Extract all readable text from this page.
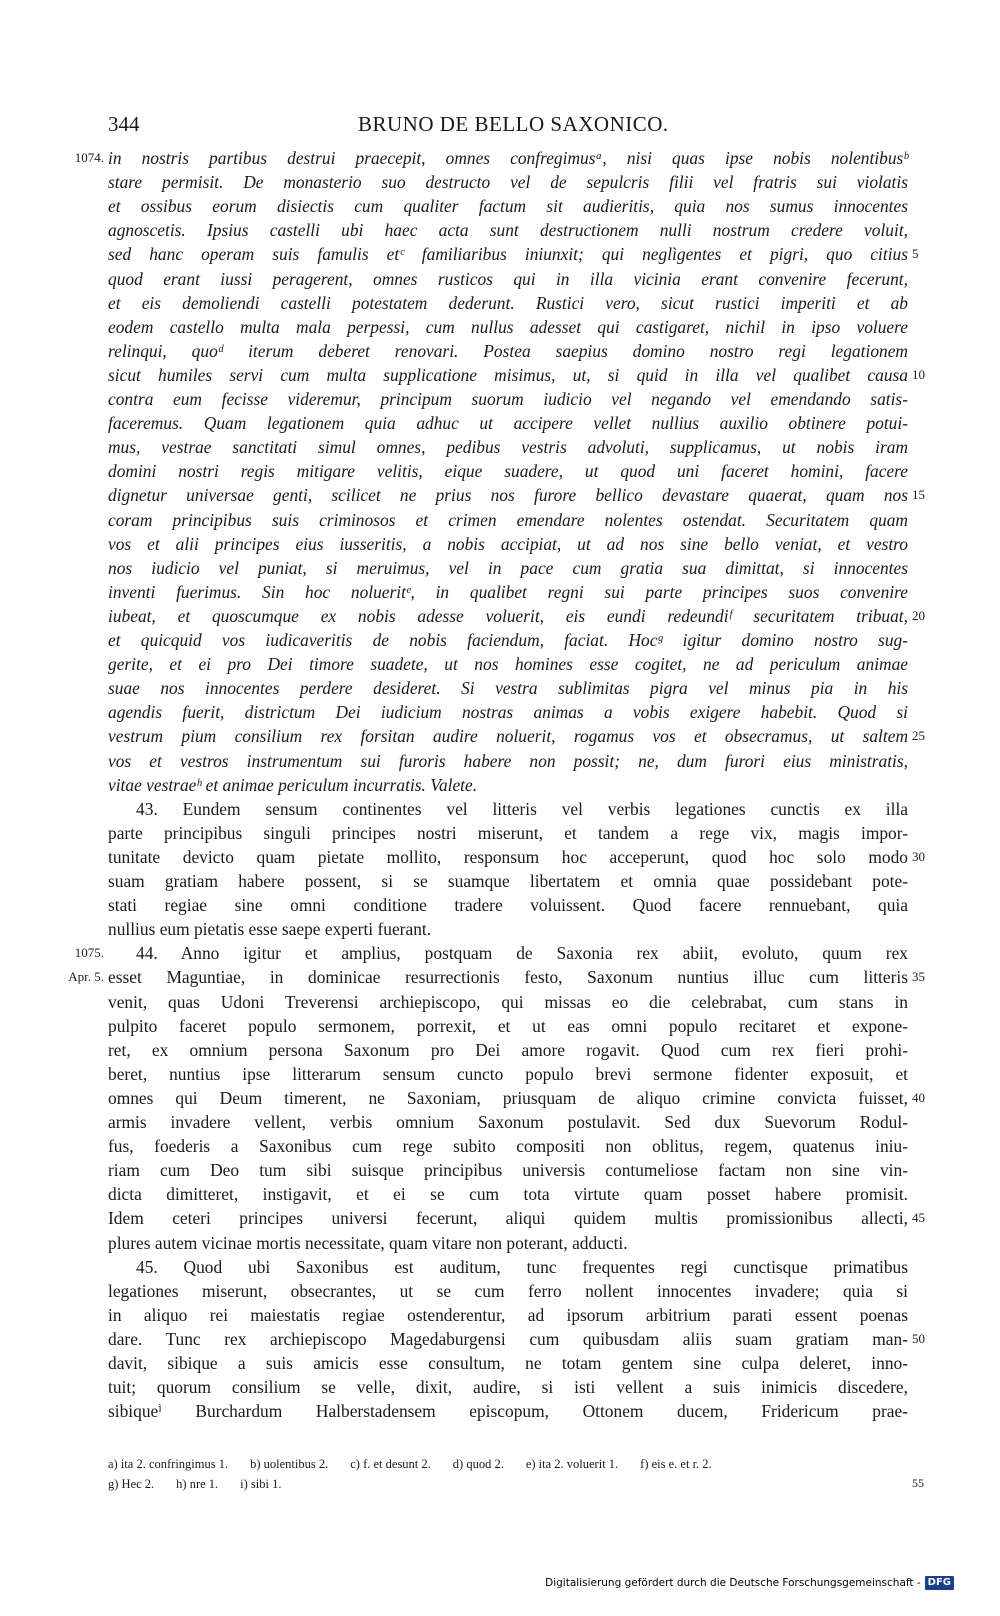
344	BRUNO DE BELLO SAXONICO.
in nostris partibus destrui praecepit, omnes confregimusᵃ, nisi quas ipse nobis nolentibusᵇ
stare permisit. De monasterio suo destructo vel de sepulcris filii vel fratris sui violatis
et ossibus eorum disiectis cum qualiter factum sit audieritis, quia nos sumus innocentes
agnoscetis. Ipsius castelli ubi haec acta sunt destructionem nulli nostrum credere voluit,
sed hanc operam suis famulis etᶜ familiaribus iniunxit; qui neglìgentes et pigri, quo citius
quod erant iussi peragerent, omnes rusticos qui in illa vicinia erant convenire fecerunt,
et eis demoliendi castelli potestatem dederunt. Rustici vero, sicut rustici imperiti et ab
eodem castello multa mala perpessi, cum nullus adesset qui castigaret, nichil in ipso voluere
relinqui, quoᵈ iterum deberet renovari. Postea saepius domino nostro regi legationem
sicut humiles servi cum multa supplicatione misimus, ut, si quid in illa vel qualibet causa
contra eum fecisse videremur, principum suorum iudicio vel negando vel emendando satis-
faceremus. Quam legationem quia adhuc ut accipere vellet nullius auxilio obtinere potui-
mus, vestrae sanctitati simul omnes, pedibus vestris advoluti, supplicamus, ut nobis iram
domini nostri regis mitigare velitis, eique suadere, ut quod uni faceret homini, facere
dignetur universae genti, scilicet ne prius nos furore bellico devastare quaerat, quam nos
coram principibus suis criminosos et crimen emendare nolentes ostendat. Securitatem quam
vos et alii principes eius iusseritis, a nobis accipiat, ut ad nos sine bello veniat, et vestro
nos iudicio vel puniat, si meruimus, vel in pace cum gratia sua dimittat, si innocentes
inventi fuerimus. Sin hoc nolueritᵉ, in qualibet regni sui parte principes suos convenire
iubeat, et quoscumque ex nobis adesse voluerit, eis eundi redeundiᶠ securitatem tribuat,
et quicquid vos iudicaveritis de nobis faciendum, faciat. Hocᵍ igitur domino nostro sug-
gerite, et ei pro Dei timore suadete, ut nos homines esse cogitet, ne ad periculum animae
suae nos innocentes perdere desideret. Si vestra sublimitas pigra vel minus pia in his
agendis fuerit, districtum Dei iudicium nostras animas a vobis exigere habebit. Quod si
vestrum pium consilium rex forsitan audire noluerit, rogamus vos et obsecramus, ut saltem
vos et vestros instrumentum sui furoris habere non possit; ne, dum furori eius ministratis,
vitae vestraeʰ et animae periculum incurratis. Valete.
43. Eundem sensum continentes vel litteris vel verbis legationes cunctis ex illa
parte principibus singuli principes nostri miserunt, et tandem a rege vix, magis impor-
tunitate devicto quam pietate mollito, responsum hoc acceperunt, quod hoc solo modo
suam gratiam habere possent, si se suamque libertatem et omnia quae possidebant pote-
stati regiae sine omni conditione tradere voluissent. Quod facere rennuebant, quia
nullius eum pietatis esse saepe experti fuerant.
44. Anno igitur et amplius, postquam de Saxonia rex abiit, evoluto, quum rex
esset Maguntiae, in dominicae resurrectionis festo, Saxonum nuntius illuc cum litteris
venit, quas Udoni Treverensi archiepiscopo, qui missas eo die celebrabat, cum stans in
pulpito faceret populo sermonem, porrexit, et ut eas omni populo recitaret et expone-
ret, ex omnium persona Saxonum pro Dei amore rogavit. Quod cum rex fieri prohi-
beret, nuntius ipse litterarum sensum cuncto populo brevi sermone fidenter exposuit, et
omnes qui Deum timerent, ne Saxoniam, priusquam de aliquo crimine convicta fuisset,
armis invadere vellent, verbis omnium Saxonum postulavit. Sed dux Suevorum Rodul-
fus, foederis a Saxonibus cum rege subito compositi non oblitus, regem, quatenus iniu-
riam cum Deo tum sibi suisque principibus universis contumeliose factam non sine vin-
dicta dimitteret, instigavit, et ei se cum tota virtute quam posset habere promisit.
Idem ceteri principes universi fecerunt, aliqui quidem multis promissionibus allecti,
plures autem vicinae mortis necessitate, quam vitare non poterant, adducti.
45. Quod ubi Saxonibus est auditum, tunc frequentes regi cunctisque primatibus
legationes miserunt, obsecrantes, ut se cum ferro nollent innocentes invadere; quia si
in aliquo rei maiestatis regiae ostenderentur, ad ipsorum arbitrium parati essent poenas
dare. Tunc rex archiepiscopo Magedaburgensi cum quibusdam aliis suam gratiam man-
davit, sibique a suis amicis esse consultum, ne totam gentem sine culpa deleret, inno-
tuit; quorum consilium se velle, dixit, audire, si isti vellent a suis inimicis discedere,
sibiqueⁱ Burchardum Halberstadensem episcopum, Ottonem ducem, Fridericum prae-
1074.
1075.
Apr. 5.
5
10
15
20
25
30
35
40
45
50
a) ita 2. confringimus 1. b) uolentibus 2. c) f. et desunt 2. d) quod 2. e) ita 2. voluerit 1. f) eis e. et r. 2.
g) Hec 2. h) nre 1. i) sibi 1.	55
Digitalisierung gefördert durch die Deutsche Forschungsgemeinschaft - DFG
